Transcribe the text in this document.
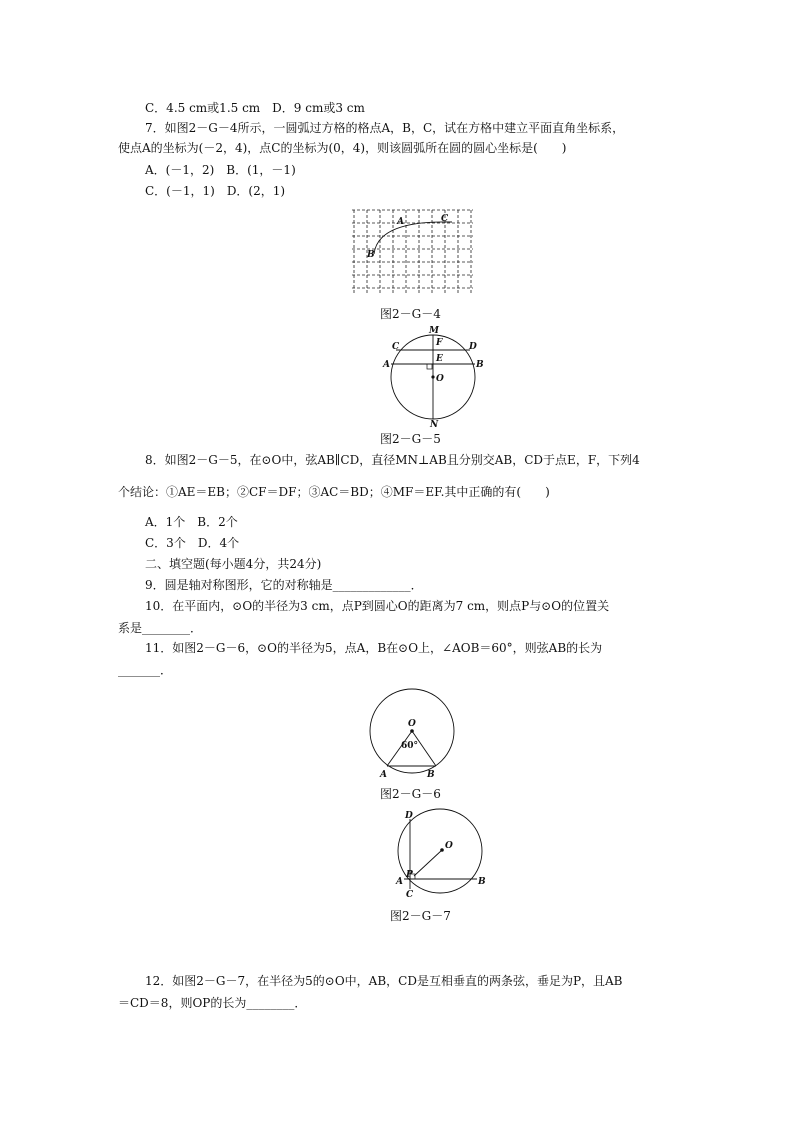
C．4.5 cm或1.5 cm　D．9 cm或3 cm
7．如图2－G－4所示，一圆弧过方格的格点A，B，C，试在方格中建立平面直角坐标系，
使点A的坐标为(－2，4)，点C的坐标为(0，4)，则该圆弧所在圆的圆心坐标是(　　)
A．(－1，2)　B．(1，－1)
C．(－1，1)　D．(2，1)
A
B
C
图2－G－4
M
F
C	D
E
A	B
O
N
图2－G－5
8．如图2－G－5，在⊙O中，弦AB∥CD，直径MN⊥AB且分别交AB，CD于点E，F，下列4
个结论：①AE＝EB；②CF＝DF；③AC＝BD；④MF＝EF.其中正确的有(　　)
A．1个　B．2个
C．3个　D．4个
二、填空题(每小题4分，共24分)
9．圆是轴对称图形，它的对称轴是_____________．
10．在平面内，⊙O的半径为3 cm，点P到圆心O的距离为7 cm，则点P与⊙O的位置关
系是________．
11．如图2－G－6，⊙O的半径为5，点A，B在⊙O上，∠AOB＝60°，则弦AB的长为
_______．
O
60°
A	B
图2－G－6
D
O
P
A	B
C
图2－G－7
12．如图2－G－7，在半径为5的⊙O中，AB，CD是互相垂直的两条弦，垂足为P，且AB
＝CD＝8，则OP的长为________．
